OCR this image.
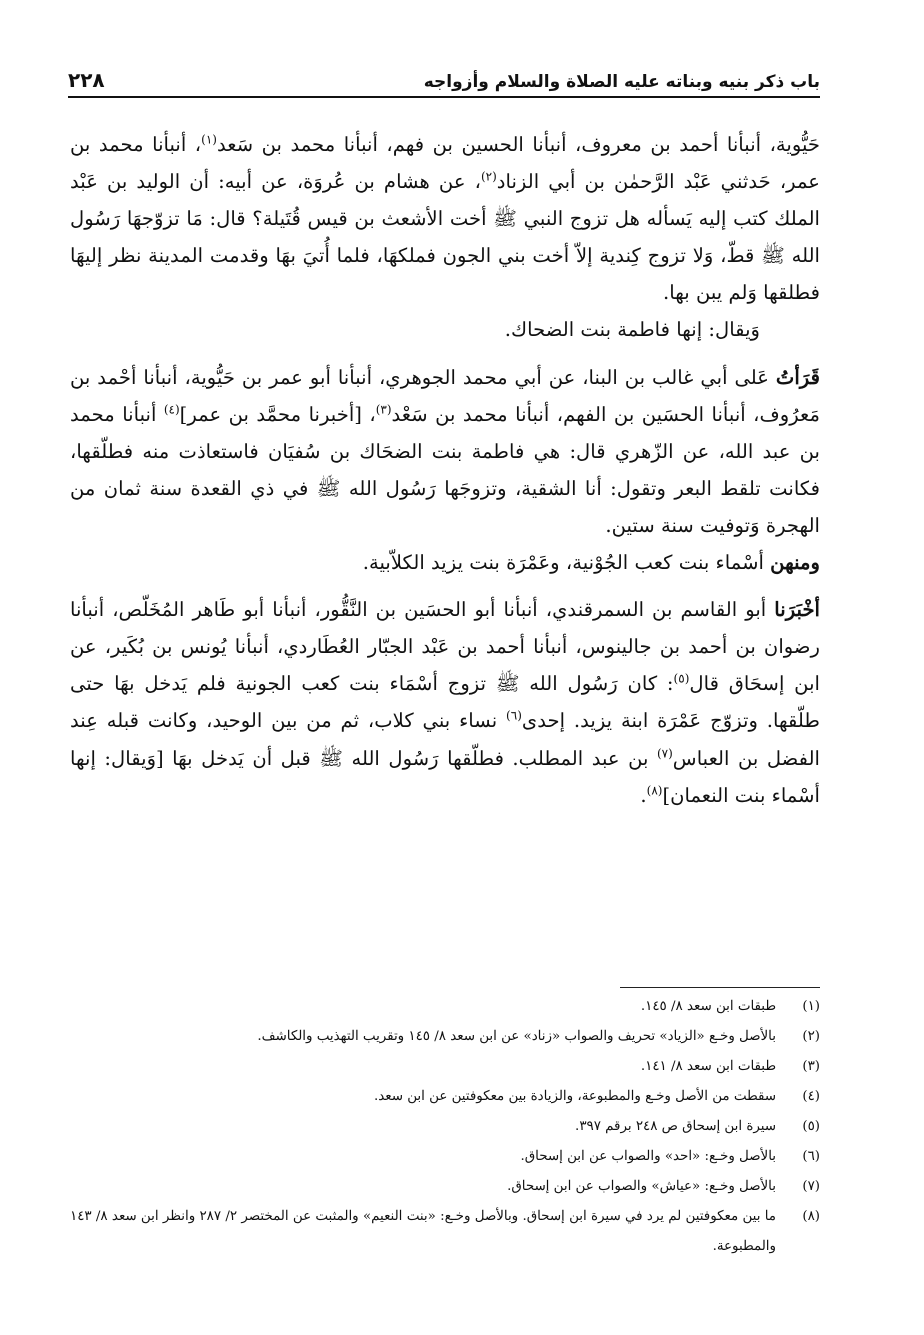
باب ذكر بنيه وبناته عليه الصلاة والسلام وأزواجه
٢٢٨

حَيُّوية، أنبأنا أحمد بن معروف، أنبأنا الحسين بن فهم، أنبأنا محمد بن سَعد$^{(١)}$، أنبأنا محمد بن عمر، حَدثني عَبْد الرَّحمٰن بن أبي الزناد$^{(٢)}$، عن هشام بن عُروَة، عن أبيه: أن الوليد بن عَبْد الملك كتب إليه يَسأله هل تزوج النبي ﷺ أخت الأشعث بن قيس قُتَيلة؟ قال: مَا تزوّجهَا رَسُول الله ﷺ قطّ، وَلا تزوج كِندية إلاّ أخت بني الجون فملكهَا، فلما أُتيَ بهَا وقدمت المدينة نظر إليهَا فطلقها وَلم يبن بها.

وَيقال: إنها فاطمة بنت الضحاك.

قَرَأتُ عَلى أبي غالب بن البنا، عن أبي محمد الجوهري، أنبأنا أبو عمر بن حَيُّوية، أنبأنا أحْمد بن مَعرُوف، أنبأنا الحسَين بن الفهم، أنبأنا محمد بن سَعْد$^{(٣)}$، [أخبرنا محمَّد بن عمر]$^{(٤)}$ أنبأنا محمد بن عبد الله، عن الزّهري قال: هي فاطمة بنت الضحَاك بن سُفيَان فاستعاذت منه فطلّقها، فكانت تلقط البعر وتقول: أنا الشقية، وتزوجَها رَسُول الله ﷺ في ذي القعدة سنة ثمان من الهجرة وَتوفيت سنة ستين.

ومنهن أسْماء بنت كعب الجُوْنية، وعَمْرَة بنت يزيد الكلاّبية.

أخْبَرَنا أبو القاسم بن السمرقندي، أنبأنا أبو الحسَين بن النَّقُّور، أنبأنا أبو طَاهر المُخَلّص، أنبأنا رضوان بن أحمد بن جالينوس، أنبأنا أحمد بن عَبْد الجبّار العُطَاردي، أنبأنا يُونس بن بُكَير، عن ابن إسحَاق قال$^{(٥)}$: كان رَسُول الله ﷺ تزوج أسْمَاء بنت كعب الجونية فلم يَدخل بهَا حتى طلّقها. وتزوّج عَمْرَة ابنة يزيد. إحدى$^{(٦)}$ نساء بني كلاب، ثم من بين الوحيد، وكانت قبله عِند الفضل بن العباس$^{(٧)}$ بن عبد المطلب. فطلّقها رَسُول الله ﷺ قبل أن يَدخل بهَا [وَيقال: إنها أسْماء بنت النعمان]$^{(٨)}$.

(١)
طبقات ابن سعد ٨/ ١٤٥.
(٢)
بالأصل وخـع «الزياد» تحريف والصواب «زناد» عن ابن سعد ٨/ ١٤٥ وتقريب التهذيب والكاشف.
(٣)
طبقات ابن سعد ٨/ ١٤١.
(٤)
سقطت من الأصل وخـع والمطبوعة، والزيادة بين معكوفتين عن ابن سعد.
(٥)
سيرة ابن إسحاق ص ٢٤٨ برقم ٣٩٧.
(٦)
بالأصل وخـع: «احد» والصواب عن ابن إسحاق.
(٧)
بالأصل وخـع: «عياش» والصواب عن ابن إسحاق.
(٨)
ما بين معكوفتين لم يرد في سيرة ابن إسحاق. وبالأصل وخـع: «بنت النعيم» والمثبت عن المختصر ٢/ ٢٨٧ وانظر ابن سعد ٨/ ١٤٣ والمطبوعة.
